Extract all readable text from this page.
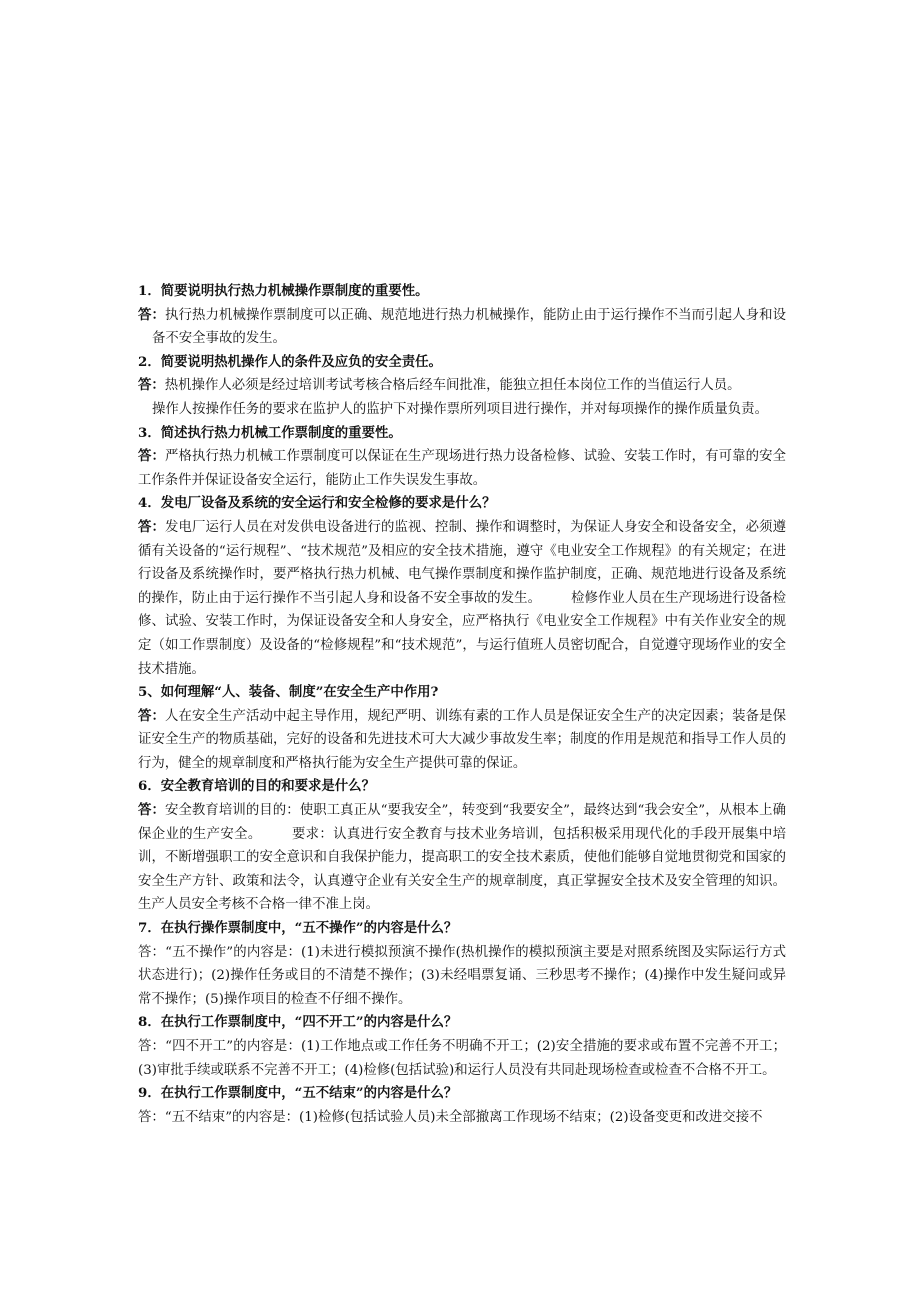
1．简要说明执行热力机械操作票制度的重要性。
答：执行热力机械操作票制度可以正确、规范地进行热力机械操作，能防止由于运行操作不当而引起人身和设备不安全事故的发生。
2．简要说明热机操作人的条件及应负的安全责任。
答：热机操作人必须是经过培训考试考核合格后经车间批准，能独立担任本岗位工作的当值运行人员。
操作人按操作任务的要求在监护人的监护下对操作票所列项目进行操作，并对每项操作的操作质量负责。
3．简述执行热力机械工作票制度的重要性。
答：严格执行热力机械工作票制度可以保证在生产现场进行热力设备检修、试验、安装工作时，有可靠的安全工作条件并保证设备安全运行，能防止工作失误发生事故。
4．发电厂设备及系统的安全运行和安全检修的要求是什么？
答：发电厂运行人员在对发供电设备进行的监视、控制、操作和调整时，为保证人身安全和设备安全，必须遵循有关设备的“运行规程”、“技术规范”及相应的安全技术措施，遵守《电业安全工作规程》的有关规定；在进行设备及系统操作时，要严格执行热力机械、电气操作票制度和操作监护制度，正确、规范地进行设备及系统的操作，防止由于运行操作不当引起人身和设备不安全事故的发生。 检修作业人员在生产现场进行设备检修、试验、安装工作时，为保证设备安全和人身安全，应严格执行《电业安全工作规程》中有关作业安全的规定（如工作票制度）及设备的“检修规程”和“技术规范”，与运行值班人员密切配合，自觉遵守现场作业的安全技术措施。
5、如何理解“人、装备、制度”在安全生产中作用?
答：人在安全生产活动中起主导作用，规纪严明、训练有素的工作人员是保证安全生产的决定因素；装备是保证安全生产的物质基础，完好的设备和先进技术可大大减少事故发生率；制度的作用是规范和指导工作人员的行为，健全的规章制度和严格执行能为安全生产提供可靠的保证。
6．安全教育培训的目的和要求是什么？
答：安全教育培训的目的：使职工真正从“要我安全”，转变到“我要安全”，最终达到“我会安全”，从根本上确保企业的生产安全。 要求：认真进行安全教育与技术业务培训，包括积极采用现代化的手段开展集中培训，不断增强职工的安全意识和自我保护能力，提高职工的安全技术素质，使他们能够自觉地贯彻党和国家的安全生产方针、政策和法令，认真遵守企业有关安全生产的规章制度，真正掌握安全技术及安全管理的知识。生产人员安全考核不合格一律不准上岗。
7．在执行操作票制度中，“五不操作”的内容是什么？
答：“五不操作”的内容是：(1)未进行模拟预演不操作(热机操作的模拟预演主要是对照系统图及实际运行方式状态进行)；(2)操作任务或目的不清楚不操作；(3)未经唱票复诵、三秒思考不操作；(4)操作中发生疑问或异常不操作；(5)操作项目的检查不仔细不操作。
8．在执行工作票制度中，“四不开工”的内容是什么？
答：“四不开工”的内容是：(1)工作地点或工作任务不明确不开工；(2)安全措施的要求或布置不完善不开工；(3)审批手续或联系不完善不开工；(4)检修(包括试验)和运行人员没有共同赴现场检查或检查不合格不开工。
9．在执行工作票制度中，“五不结束”的内容是什么？
答：“五不结束”的内容是：(1)检修(包括试验人员)未全部撤离工作现场不结束；(2)设备变更和改进交接不
